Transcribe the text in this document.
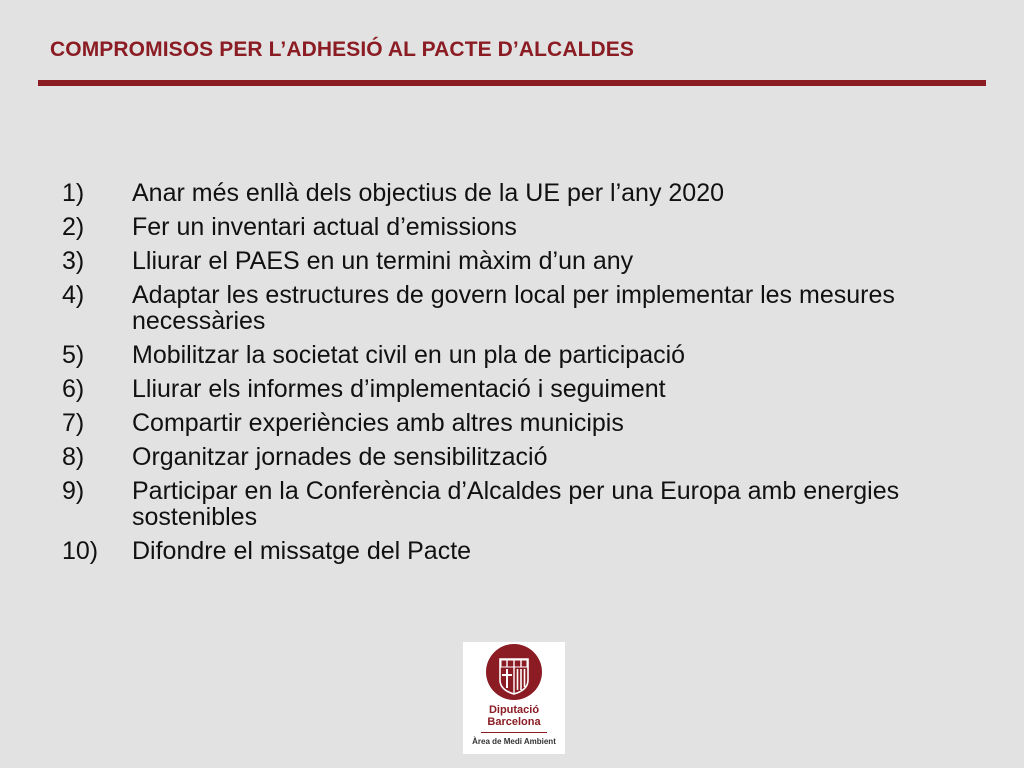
COMPROMISOS PER L’ADHESIÓ AL PACTE D’ALCALDES
1)	Anar més enllà dels objectius de la UE per l’any 2020
2)	Fer un inventari actual d’emissions
3)	Lliurar el PAES en un termini màxim d’un any
4)	Adaptar les estructures de govern local per implementar les mesures necessàries
5)	Mobilitzar la societat civil en un pla de participació
6)	Lliurar els informes d’implementació i seguiment
7)	Compartir experiències amb altres municipis
8)	Organitzar jornades de sensibilització
9)	Participar en la Conferència d’Alcaldes per una Europa amb energies sostenibles
10)	Difondre el missatge del Pacte
Diputació
Barcelona
Àrea de Medi Ambient
